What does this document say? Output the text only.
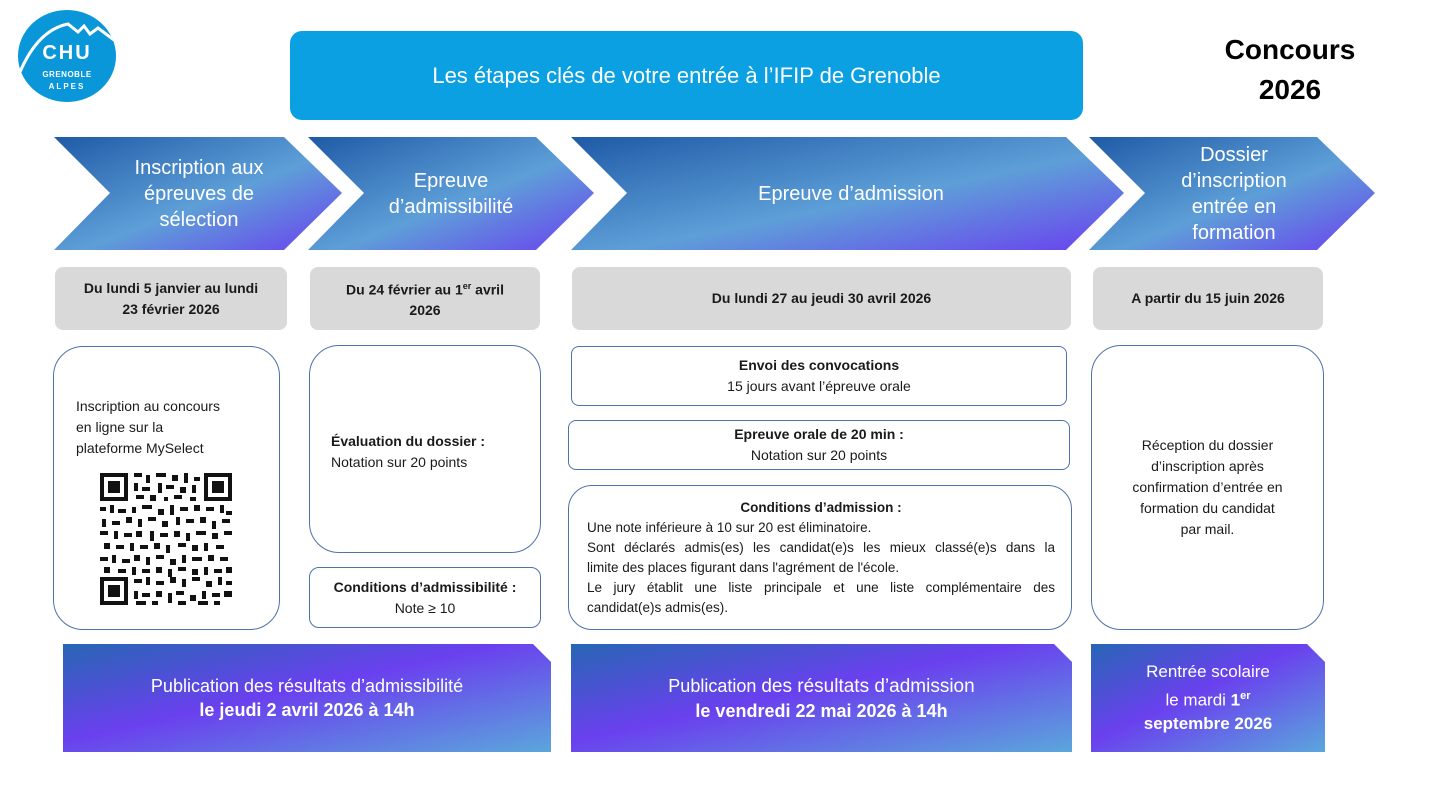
CHU
GRENOBLE
ALPES	Les étapes clés de votre entrée à l’IFIP de Grenoble
Concours
2026
Inscription aux
épreuves de
sélection
Epreuve
d’admissibilité
Epreuve d’admission
Dossier
d’inscription
entrée en
formation
Du lundi 5 janvier au lundi
23 février 2026
Du 24 février au 1er avril
2026
Du lundi 27 au jeudi 30 avril 2026	A partir du 15 juin 2026
Inscription au concours
en ligne sur la
plateforme MySelect	Évaluation du dossier :
Notation sur 20 points
Conditions d’admissibilité :
Note ≥ 10
Envoi des convocations
15 jours avant l’épreuve orale
Epreuve orale de 20 min :
Notation sur 20 points
Conditions d’admission :
Une note inférieure à 10 sur 20 est éliminatoire.
Sont déclarés admis(es) les candidat(e)s les mieux classé(e)s dans la
limite des places figurant dans l'agrément de l'école.
Le jury établit une liste principale et une liste complémentaire des
candidat(e)s admis(es).
Réception du dossier
d’inscription après
confirmation d’entrée en
formation du candidat
par mail.
Publication des résultats d’admissibilité
le jeudi 2 avril 2026 à 14h
Publication des résultats d’admission
le vendredi 22 mai 2026 à 14h
Rentrée scolaire
le mardi 1er
septembre 2026
